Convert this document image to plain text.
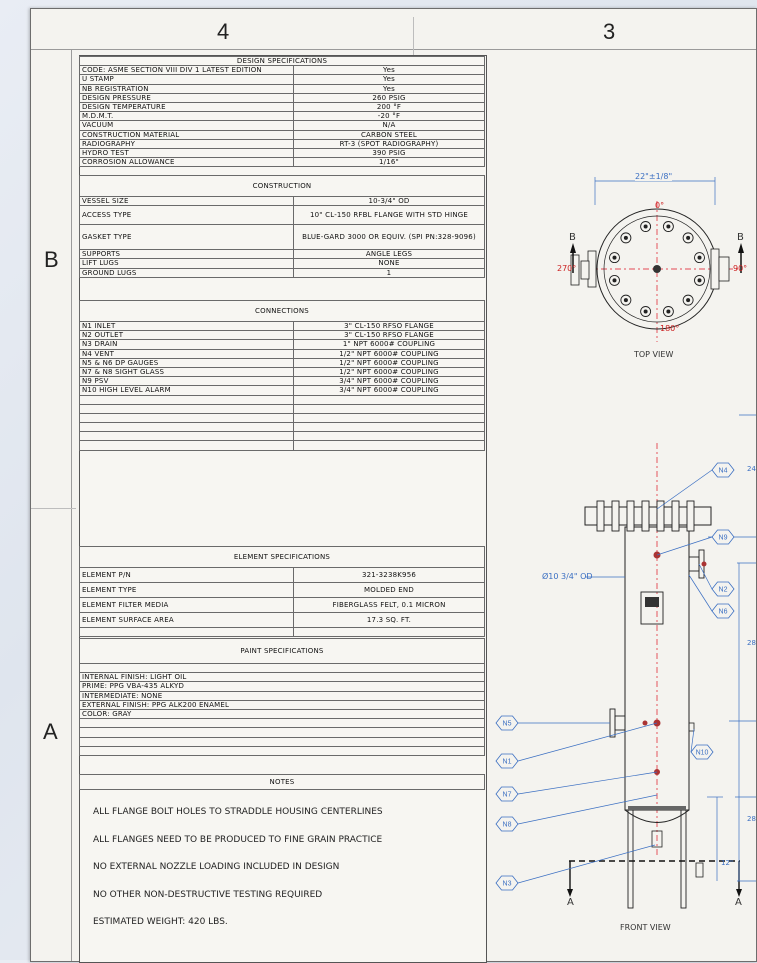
4	3
B
A
DESIGN SPECIFICATIONS	
CODE: ASME SECTION VIII DIV 1 LATEST EDITION	Yes
U STAMP	Yes
NB REGISTRATION	Yes
DESIGN PRESSURE	260 PSIG
DESIGN TEMPERATURE	200 °F
M.D.M.T.	-20 °F
VACUUM	N/A
CONSTRUCTION MATERIAL	CARBON STEEL
RADIOGRAPHY	RT-3 (SPOT RADIOGRAPHY)
HYDRO TEST	390 PSIG
CORROSION ALLOWANCE	1/16"
CONSTRUCTION	
VESSEL SIZE	10-3/4" OD
ACCESS TYPE	10" CL-150 RFBL FLANGE WITH STD HINGE
GASKET TYPE	BLUE-GARD 3000 OR EQUIV. (SPI PN:328-9096)
SUPPORTS	ANGLE LEGS
LIFT LUGS	NONE
GROUND LUGS	1
CONNECTIONS	
N1 INLET	3" CL-150 RFSO FLANGE
N2 OUTLET	3" CL-150 RFSO FLANGE
N3 DRAIN	1" NPT 6000# COUPLING
N4 VENT	1/2" NPT 6000# COUPLING
N5 & N6 DP GAUGES	1/2" NPT 6000# COUPLING
N7 & N8 SIGHT GLASS	1/2" NPT 6000# COUPLING
N9 PSV	3/4" NPT 6000# COUPLING
N10 HIGH LEVEL ALARM	3/4" NPT 6000# COUPLING

ELEMENT SPECIFICATIONS	
ELEMENT P/N	321-3238K956
ELEMENT TYPE	MOLDED END
ELEMENT FILTER MEDIA	FIBERGLASS FELT, 0.1 MICRON
ELEMENT SURFACE AREA	17.3 SQ. FT.

PAINT SPECIFICATIONS

INTERNAL FINISH: LIGHT OIL
PRIME: PPG VBA-435 ALKYD
INTERMEDIATE: NONE
EXTERNAL FINISH: PPG ALK200 ENAMEL
COLOR: GRAY

NOTES
ALL FLANGE BOLT HOLES TO STRADDLE HOUSING CENTERLINES
ALL FLANGES NEED TO BE PRODUCED TO FINE GRAIN PRACTICE
NO EXTERNAL NOZZLE LOADING INCLUDED IN DESIGN
NO OTHER NON-DESTRUCTIVE TESTING REQUIRED
ESTIMATED WEIGHT: 420 LBS.
N4
N9
N2
N6
N5
N1
N10
N7
N8
N3
180°
0°
270°	90°
22"±1/8"
B	B
TOP VIEW
Ø10 3/4" OD
A	A
FRONT VIEW
12"
28
28
24
